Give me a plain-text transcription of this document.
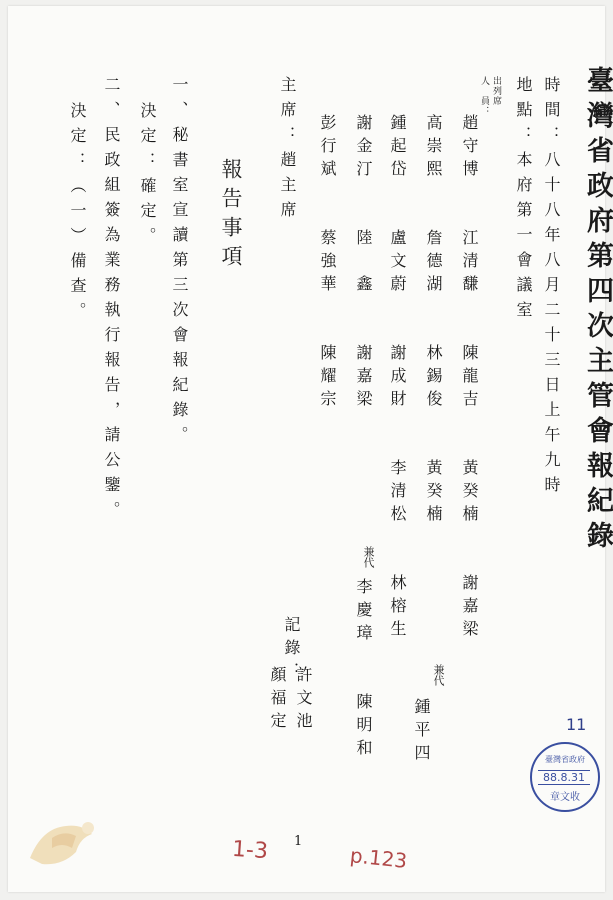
臺灣省政府第四次主管會報紀錄
時間：八十八年八月二十三日上午九時
地點：本府第一會議室
出列席
人　員：
趙守博　　江清馦　　陳龍吉　　黃癸楠　　謝嘉梁
高崇熙　　詹德湖　　林錫俊　　黃癸楠
兼代
鍾平四
鍾起岱　　盧文蔚　　謝成財　　李清松　　林榕生
謝金汀　　陸　鑫　　謝嘉梁
兼代
李慶璋　　陳明和
彭行斌　　蔡強華　　陳耀宗
記錄：
許文池
顏福定
主席：趙主席
報告事項
一、秘書室宣讀第三次會報紀錄。
決定：確定。
二、民政組簽為業務執行報告，請公鑒。
決定：（一）備查。
1
1-3	p.123
11
臺灣省政府
88.8.31
章文收
